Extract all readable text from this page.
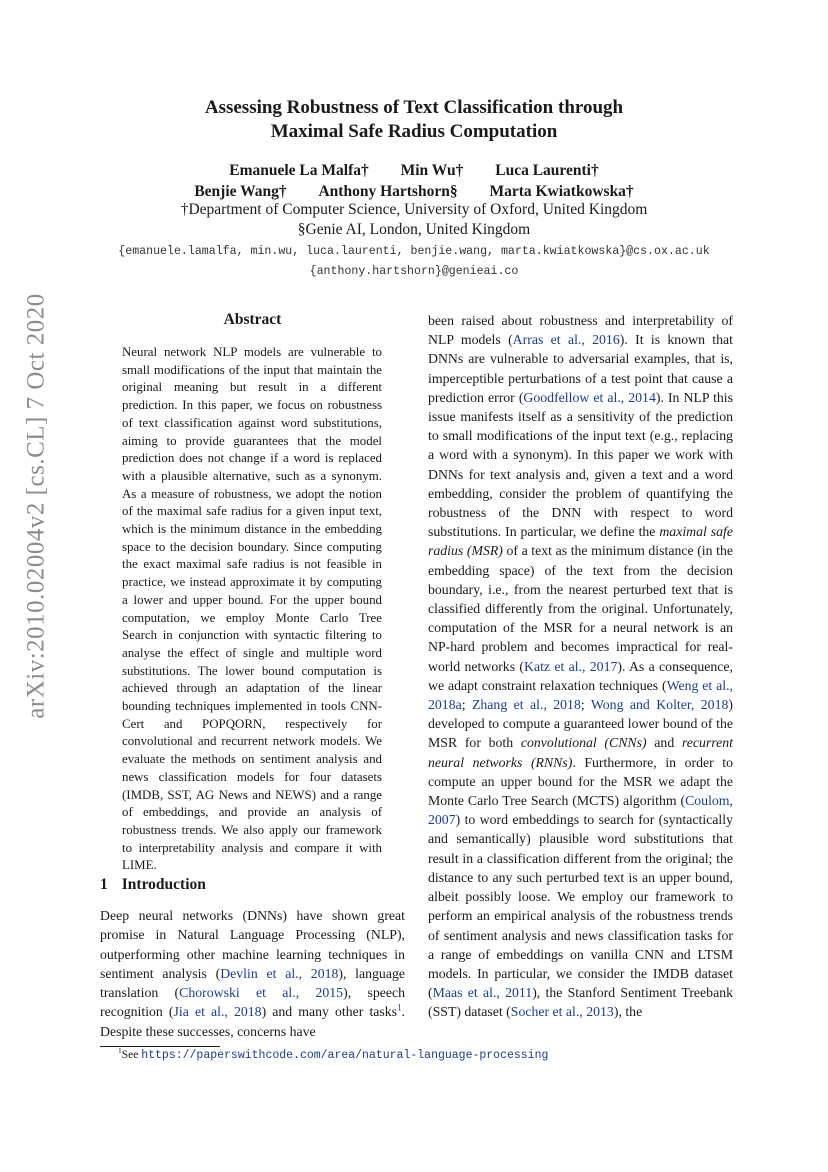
arXiv:2010.02004v2 [cs.CL] 7 Oct 2020
Assessing Robustness of Text Classification through
Maximal Safe Radius Computation
Emanuele La Malfa† Min Wu† Luca Laurenti†
Benjie Wang† Anthony Hartshorn§ Marta Kwiatkowska†
†Department of Computer Science, University of Oxford, United Kingdom
§Genie AI, London, United Kingdom
{emanuele.lamalfa, min.wu, luca.laurenti, benjie.wang, marta.kwiatkowska}@cs.ox.ac.uk
{anthony.hartshorn}@genieai.co
Abstract
Neural network NLP models are vulnerable to small modifications of the input that maintain the original meaning but result in a different prediction. In this paper, we focus on robustness of text classification against word substitutions, aiming to provide guarantees that the model prediction does not change if a word is replaced with a plausible alternative, such as a synonym. As a measure of robustness, we adopt the notion of the maximal safe radius for a given input text, which is the minimum distance in the embedding space to the decision boundary. Since computing the exact maximal safe radius is not feasible in practice, we instead approximate it by computing a lower and upper bound. For the upper bound computation, we employ Monte Carlo Tree Search in conjunction with syntactic filtering to analyse the effect of single and multiple word substitutions. The lower bound computation is achieved through an adaptation of the linear bounding techniques implemented in tools CNN-Cert and POPQORN, respectively for convolutional and recurrent network models. We evaluate the methods on sentiment analysis and news classification models for four datasets (IMDB, SST, AG News and NEWS) and a range of embeddings, and provide an analysis of robustness trends. We also apply our framework to interpretability analysis and compare it with LIME.
1 Introduction
Deep neural networks (DNNs) have shown great promise in Natural Language Processing (NLP), outperforming other machine learning techniques in sentiment analysis (Devlin et al., 2018), language translation (Chorowski et al., 2015), speech recognition (Jia et al., 2018) and many other tasks$^1$. Despite these successes, concerns have
been raised about robustness and interpretability of NLP models (Arras et al., 2016). It is known that DNNs are vulnerable to adversarial examples, that is, imperceptible perturbations of a test point that cause a prediction error (Goodfellow et al., 2014). In NLP this issue manifests itself as a sensitivity of the prediction to small modifications of the input text (e.g., replacing a word with a synonym). In this paper we work with DNNs for text analysis and, given a text and a word embedding, consider the problem of quantifying the robustness of the DNN with respect to word substitutions. In particular, we define the maximal safe radius (MSR) of a text as the minimum distance (in the embedding space) of the text from the decision boundary, i.e., from the nearest perturbed text that is classified differently from the original. Unfortunately, computation of the MSR for a neural network is an NP-hard problem and becomes impractical for real-world networks (Katz et al., 2017). As a consequence, we adapt constraint relaxation techniques (Weng et al., 2018a; Zhang et al., 2018; Wong and Kolter, 2018) developed to compute a guaranteed lower bound of the MSR for both convolutional (CNNs) and recurrent neural networks (RNNs). Furthermore, in order to compute an upper bound for the MSR we adapt the Monte Carlo Tree Search (MCTS) algorithm (Coulom, 2007) to word embeddings to search for (syntactically and semantically) plausible word substitutions that result in a classification different from the original; the distance to any such perturbed text is an upper bound, albeit possibly loose. We employ our framework to perform an empirical analysis of the robustness trends of sentiment analysis and news classification tasks for a range of embeddings on vanilla CNN and LTSM models. In particular, we consider the IMDB dataset (Maas et al., 2011), the Stanford Sentiment Treebank (SST) dataset (Socher et al., 2013), the
$^1$See https://paperswithcode.com/area/natural-language-processing
